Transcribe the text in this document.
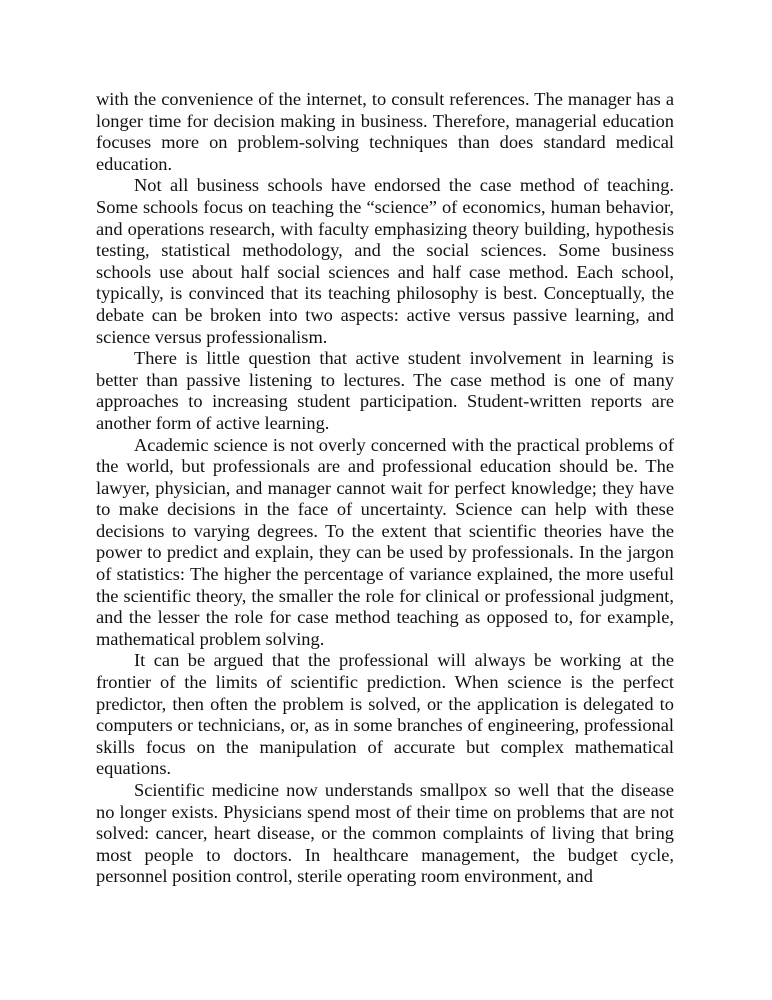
with the convenience of the internet, to consult references. The manager has a longer time for decision making in business. Therefore, managerial education focuses more on problem-solving techniques than does standard medical education.

Not all business schools have endorsed the case method of teaching. Some schools focus on teaching the “science” of economics, human behavior, and operations research, with faculty emphasizing theory building, hypothesis testing, statistical methodology, and the social sciences. Some business schools use about half social sciences and half case method. Each school, typically, is convinced that its teaching philosophy is best. Conceptually, the debate can be broken into two aspects: active versus passive learning, and science versus professionalism.

There is little question that active student involvement in learning is better than passive listening to lectures. The case method is one of many approaches to increasing student participation. Student-written reports are another form of active learning.

Academic science is not overly concerned with the practical problems of the world, but professionals are and professional education should be. The lawyer, physician, and manager cannot wait for perfect knowledge; they have to make decisions in the face of uncertainty. Science can help with these decisions to varying degrees. To the extent that scientific theories have the power to predict and explain, they can be used by professionals. In the jargon of statistics: The higher the percentage of variance explained, the more useful the scientific theory, the smaller the role for clinical or professional judgment, and the lesser the role for case method teaching as opposed to, for example, mathematical problem solving.

It can be argued that the professional will always be working at the frontier of the limits of scientific prediction. When science is the perfect predictor, then often the problem is solved, or the application is delegated to computers or technicians, or, as in some branches of engineering, professional skills focus on the manipulation of accurate but complex mathematical equations.

Scientific medicine now understands smallpox so well that the disease no longer exists. Physicians spend most of their time on problems that are not solved: cancer, heart disease, or the common complaints of living that bring most people to doctors. In healthcare management, the budget cycle, personnel position control, sterile operating room environment, and
